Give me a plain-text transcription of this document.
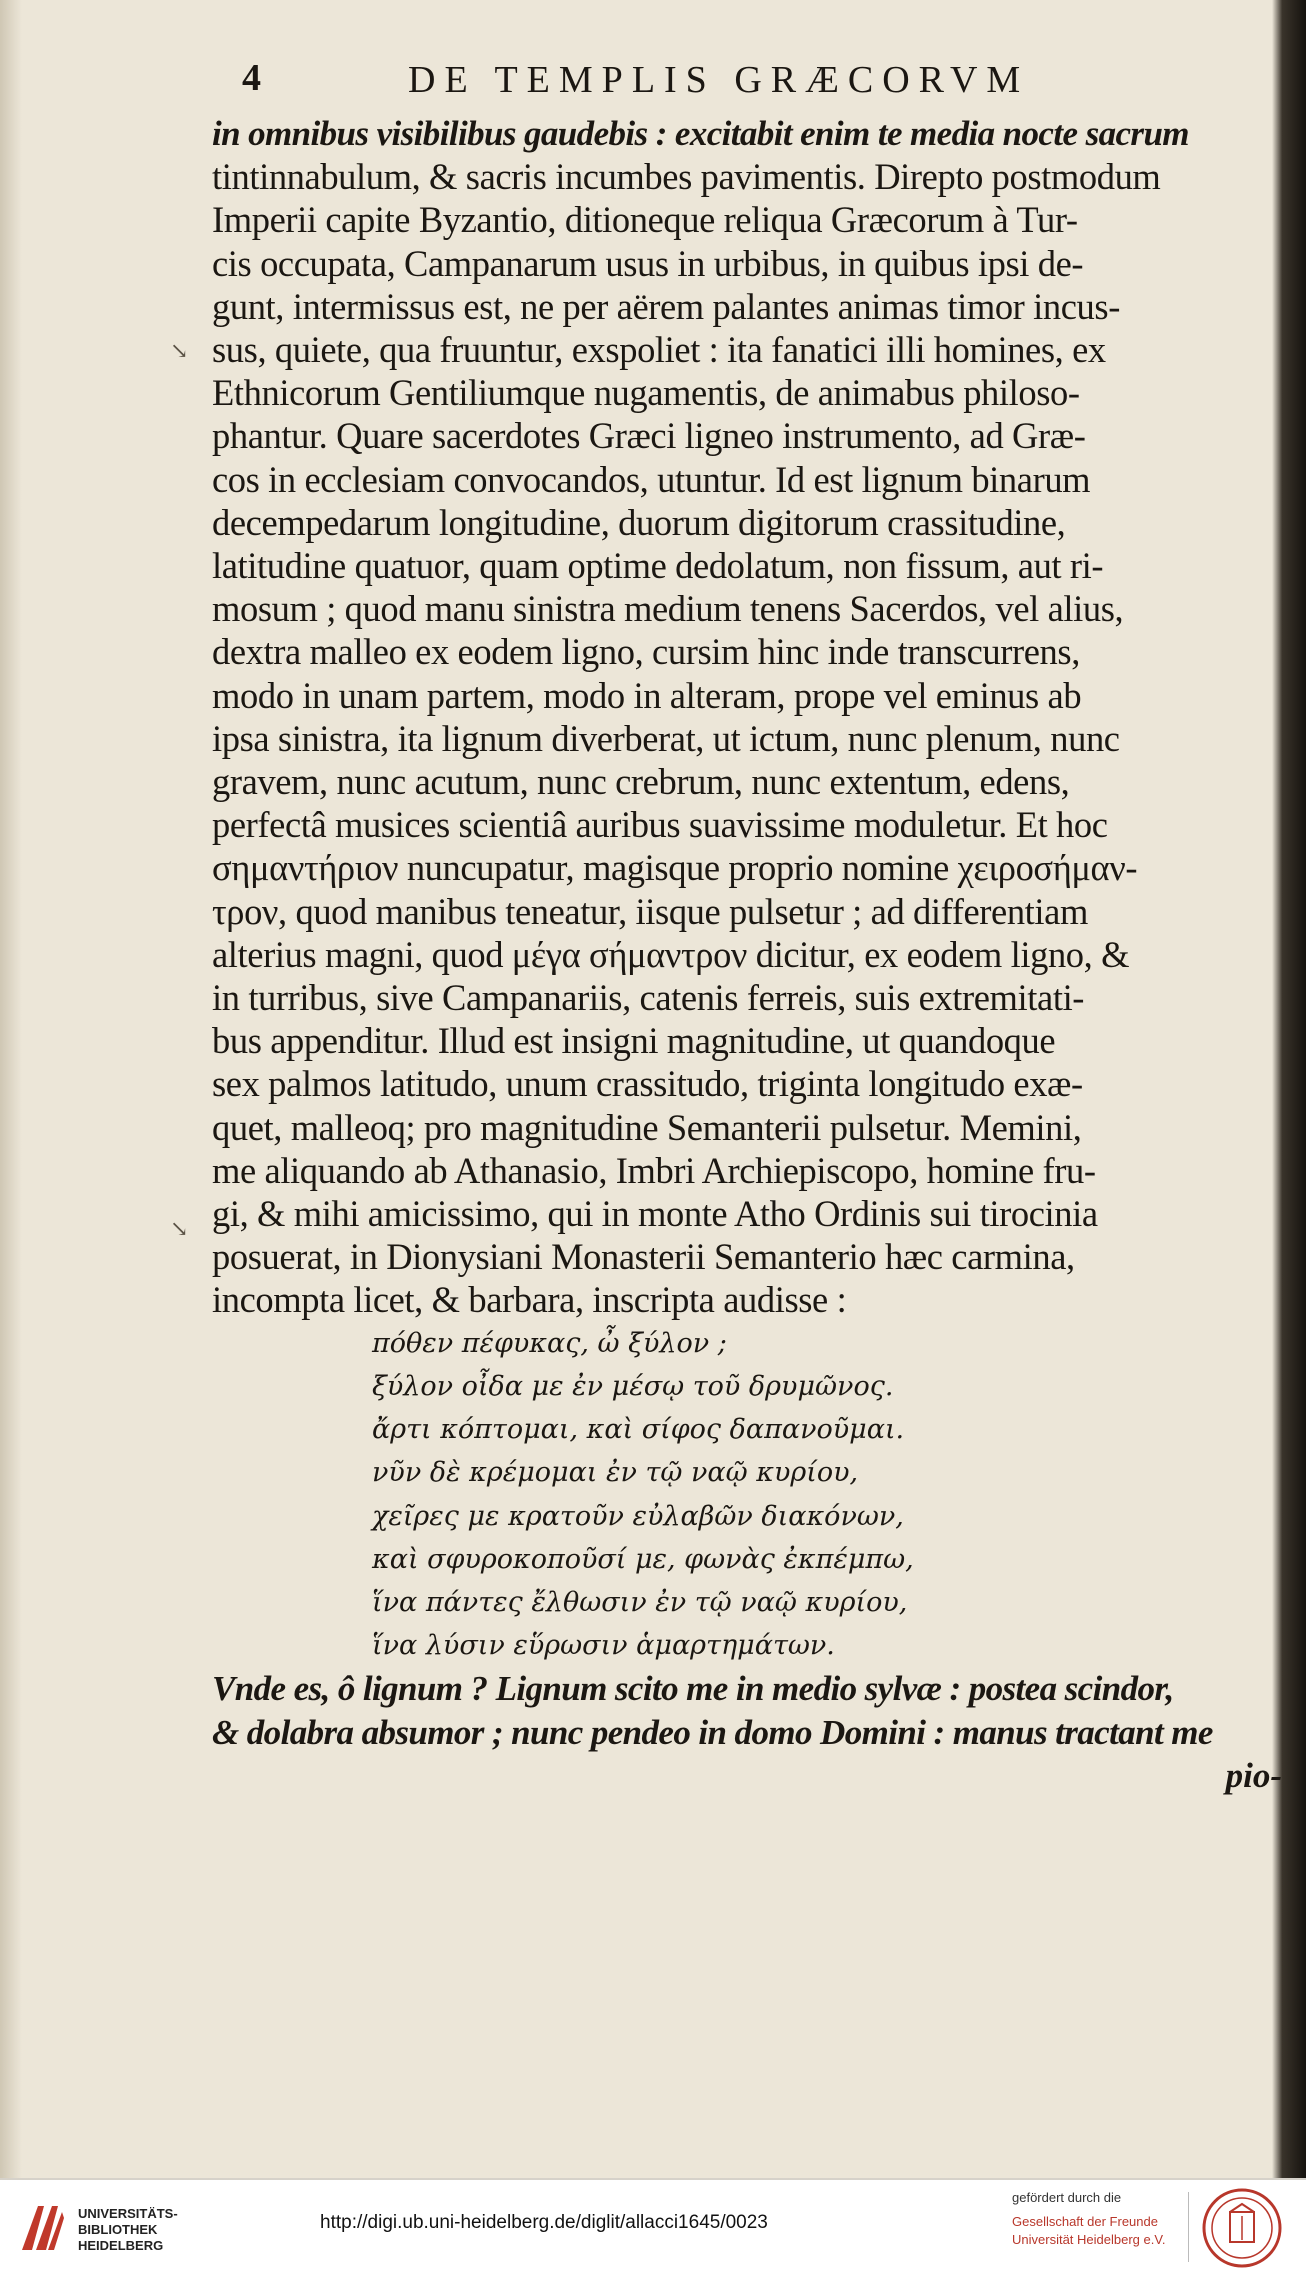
↘
↘
4	DE TEMPLIS GRÆCORVM
in omnibus visibilibus gaudebis : excitabit enim te media nocte sacrum
tintinnabulum, & sacris incumbes pavimentis. Direpto postmodum
Imperii capite Byzantio, ditioneque reliqua Græcorum à Tur-
cis occupata, Campanarum usus in urbibus, in quibus ipsi de-
gunt, intermissus est, ne per aërem palantes animas timor incus-
sus, quiete, qua fruuntur, exspoliet : ita fanatici illi homines, ex
Ethnicorum Gentiliumque nugamentis, de animabus philoso-
phantur. Quare sacerdotes Græci ligneo instrumento, ad Græ-
cos in ecclesiam convocandos, utuntur. Id est lignum binarum
decempedarum longitudine, duorum digitorum crassitudine,
latitudine quatuor, quam optime dedolatum, non fissum, aut ri-
mosum ; quod manu sinistra medium tenens Sacerdos, vel alius,
dextra malleo ex eodem ligno, cursim hinc inde transcurrens,
modo in unam partem, modo in alteram, prope vel eminus ab
ipsa sinistra, ita lignum diverberat, ut ictum, nunc plenum, nunc
gravem, nunc acutum, nunc crebrum, nunc extentum, edens,
perfectâ musices scientiâ auribus suavissime moduletur. Et hoc
σημαντήριον nuncupatur, magisque proprio nomine χειροσήμαν-
τρον, quod manibus teneatur, iisque pulsetur ; ad differentiam
alterius magni, quod μέγα σήμαντρον dicitur, ex eodem ligno, &
in turribus, sive Campanariis, catenis ferreis, suis extremitati-
bus appenditur. Illud est insigni magnitudine, ut quandoque
sex palmos latitudo, unum crassitudo, triginta longitudo exæ-
quet, malleoq; pro magnitudine Semanterii pulsetur. Memini,
me aliquando ab Athanasio, Imbri Archiepiscopo, homine fru-
gi, & mihi amicissimo, qui in monte Atho Ordinis sui tirocinia
posuerat, in Dionysiani Monasterii Semanterio hæc carmina,
incompta licet, & barbara, inscripta audisse :
πόθεν πέφυκας, ὦ ξύλον ;
ξύλον οἶδα με ἐν μέσῳ τοῦ δρυμῶνος.
ἄρτι κόπτομαι, καὶ σίφος δαπανοῦμαι.
νῦν δὲ κρέμομαι ἐν τῷ ναῷ κυρίου,
χεῖρες με κρατοῦν εὐλαβῶν διακόνων,
καὶ σφυροκοποῦσί με, φωνὰς ἐκπέμπω,
ἵνα πάντες ἔλθωσιν ἐν τῷ ναῷ κυρίου,
ἵνα λύσιν εὕρωσιν ἁμαρτημάτων.
Vnde es, ô lignum ? Lignum scito me in medio sylvæ : postea scindor,
& dolabra absumor ; nunc pendeo in domo Domini : manus tractant me
pio-
UNIVERSITÄTS-
BIBLIOTHEK
HEIDELBERG
http://digi.ub.uni-heidelberg.de/diglit/allacci1645/0023
gefördert durch die
Gesellschaft der Freunde
Universität Heidelberg e.V.
